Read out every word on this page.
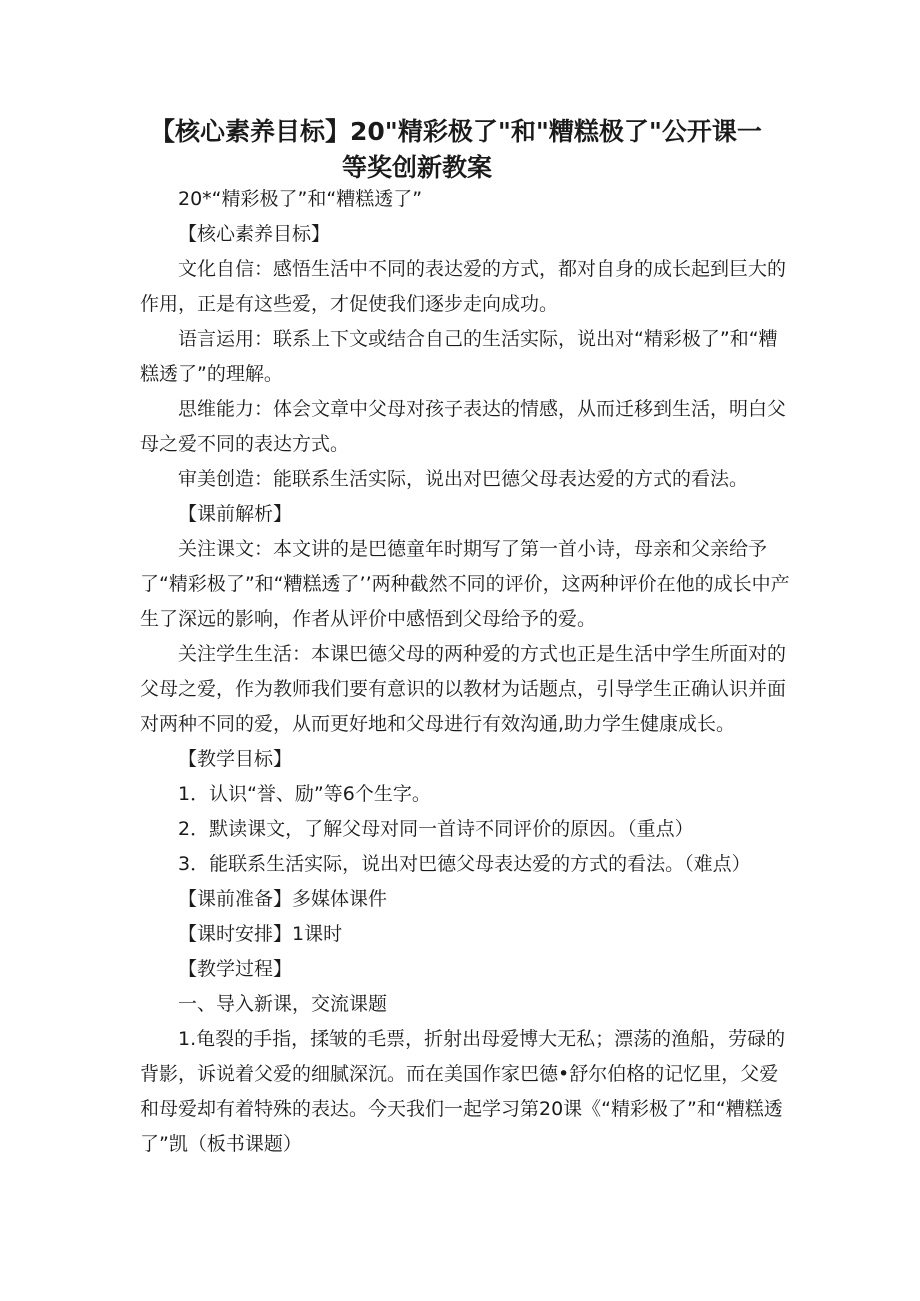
【核心素养目标】20"精彩极了"和"糟糕极了"公开课一
等奖创新教案

20*“精彩极了”和“糟糕透了”

【核心素养目标】

文化自信：感悟生活中不同的表达爱的方式，都对自身的成长起到巨大的作用，正是有这些爱，才促使我们逐步走向成功。

语言运用：联系上下文或结合自己的生活实际，说出对“精彩极了”和“糟糕透了”的理解。

思维能力：体会文章中父母对孩子表达的情感，从而迁移到生活，明白父母之爱不同的表达方式。

审美创造：能联系生活实际，说出对巴德父母表达爱的方式的看法。

【课前解析】

关注课文：本文讲的是巴德童年时期写了第一首小诗，母亲和父亲给予了“精彩极了”和“糟糕透了’’两种截然不同的评价，这两种评价在他的成长中产生了深远的影响，作者从评价中感悟到父母给予的爱。

关注学生生活：本课巴德父母的两种爱的方式也正是生活中学生所面对的父母之爱，作为教师我们要有意识的以教材为话题点，引导学生正确认识并面对两种不同的爱，从而更好地和父母进行有效沟通,助力学生健康成长。

【教学目标】

1．认识“誉、励”等6个生字。

2．默读课文，了解父母对同一首诗不同评价的原因。（重点）

3．能联系生活实际，说出对巴德父母表达爱的方式的看法。（难点）

【课前准备】多媒体课件

【课时安排】1课时

【教学过程】

一、导入新课，交流课题

1.龟裂的手指，揉皱的毛票，折射出母爱博大无私；漂荡的渔船，劳碌的背影，诉说着父爱的细腻深沉。而在美国作家巴德•舒尔伯格的记忆里，父爱和母爱却有着特殊的表达。今天我们一起学习第20课《“精彩极了”和“糟糕透了”凯（板书课题）
